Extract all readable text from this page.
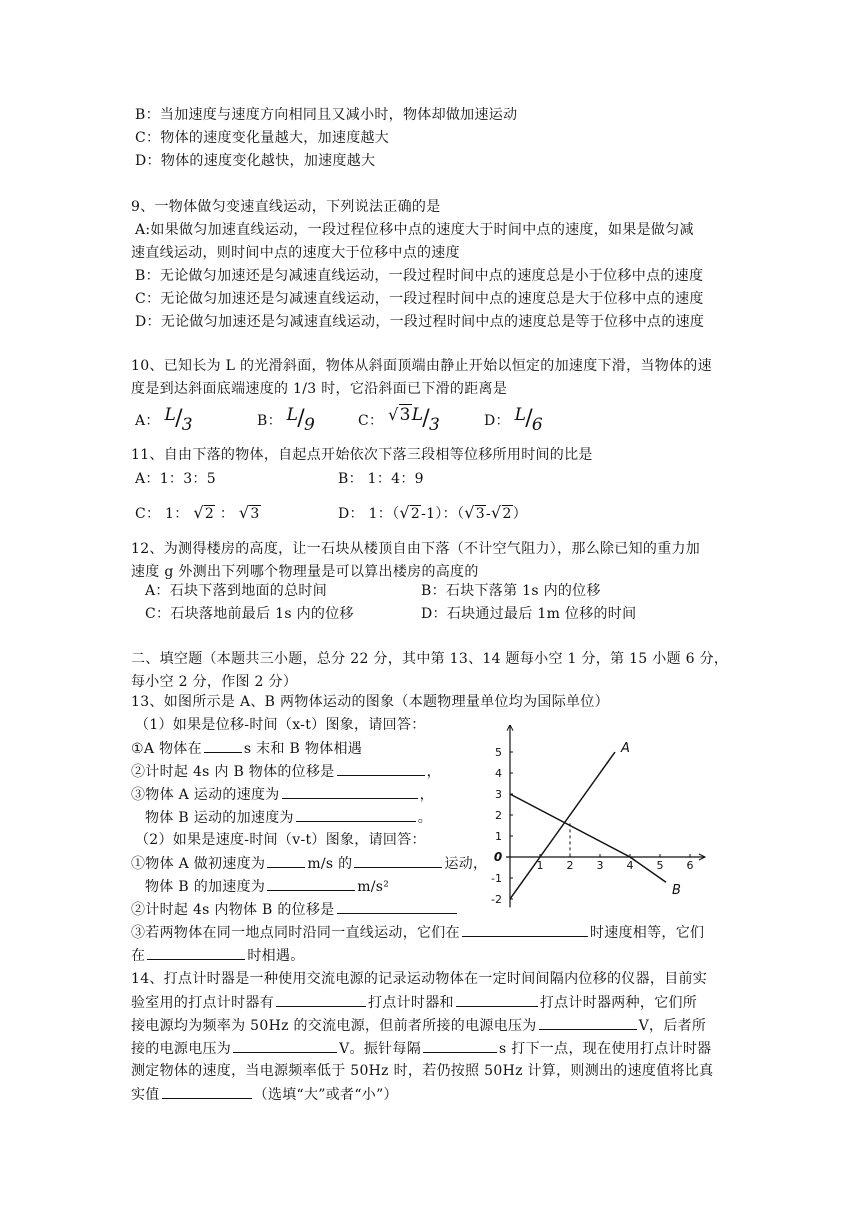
B：当加速度与速度方向相同且又减小时，物体却做加速运动
C：物体的速度变化量越大，加速度越大
D：物体的速度变化越快，加速度越大
9、一物体做匀变速直线运动，下列说法正确的是
A:如果做匀加速直线运动，一段过程位移中点的速度大于时间中点的速度，如果是做匀减
速直线运动，则时间中点的速度大于位移中点的速度
B：无论做匀加速还是匀减速直线运动，一段过程时间中点的速度总是小于位移中点的速度
C：无论做匀加速还是匀减速直线运动，一段过程时间中点的速度总是大于位移中点的速度
D：无论做匀加速还是匀减速直线运动，一段过程时间中点的速度总是等于位移中点的速度
10、已知长为 L 的光滑斜面，物体从斜面顶端由静止开始以恒定的加速度下滑，当物体的速
度是到达斜面底端速度的 1/3 时，它沿斜面已下滑的距离是
A： L / 3	B： L / 9	C： √3L / 3	D： L / 6
11、自由下落的物体，自起点开始依次下落三段相等位移所用时间的比是
A：1：3：5	B： 1：4：9
C： 1： √2 ： √3	D： 1：（√2-1）：（√3-√2）
12、为测得楼房的高度，让一石块从楼顶自由下落（不计空气阻力），那么除已知的重力加
速度 g 外测出下列哪个物理量是可以算出楼房的高度的
A：石块下落到地面的总时间	B：石块下落第 1s 内的位移
C：石块落地前最后 1s 内的位移	D：石块通过最后 1m 位移的时间
二、填空题（本题共三小题，总分 22 分，其中第 13、14 题每小空 1 分，第 15 小题 6 分，
每小空 2 分，作图 2 分）
13、如图所示是 A、B 两物体运动的图象（本题物理量单位均为国际单位）
（1）如果是位移-时间（x-t）图象，请回答：
①A 物体在	s 末和 B 物体相遇
②计时起 4s 内 B 物体的位移是	，
③物体 A 运动的速度为	，
物体 B 运动的加速度为	。
（2）如果是速度-时间（v-t）图象，请回答：
①物体 A 做初速度为	m/s 的	运动，
物体 B 的加速度为	m/s²
②计时起 4s 内物体 B 的位移是
③若两物体在同一地点同时沿同一直线运动，它们在	时速度相等，它们
在	时相遇。
14、打点计时器是一种使用交流电源的记录运动物体在一定时间间隔内位移的仪器，目前实
验室用的打点计时器有	打点计时器和	打点计时器两种，它们所
接电源均为频率为 50Hz 的交流电源，但前者所接的电源电压为	V，后者所
接的电源电压为	V。振针每隔	s 打下一点，现在使用打点计时器
测定物体的速度，当电源频率低于 50Hz 时，若仍按照 50Hz 计算，则测出的速度值将比真
实值	（选填“大”或者“小”）
1 2 3 4 5 6
5
4
3
2
1
-1
-2
0
A
B
